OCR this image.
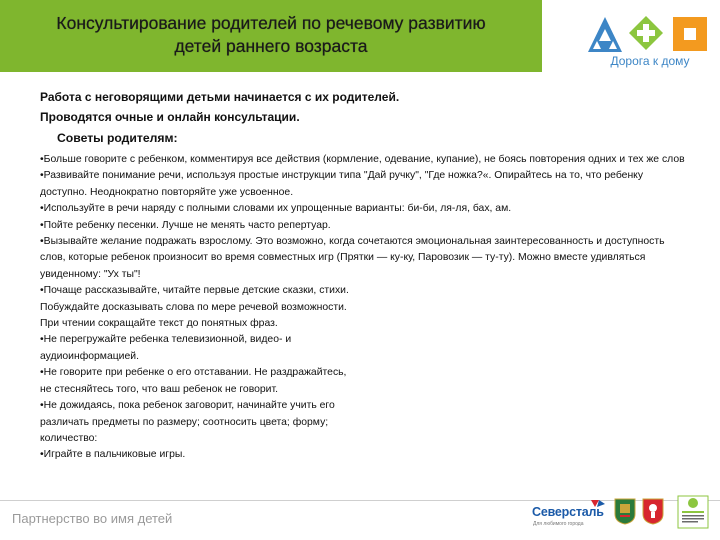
Консультирование родителей по речевому развитию
детей раннего возраста
Дорога к дому
Работа с неговорящими детьми начинается с их родителей.
Проводятся очные и онлайн консультации.
Советы родителям:

•Больше говорите с ребенком, комментируя все действия (кормление, одевание, купание), не боясь повторения одних и тех же слов

•Развивайте понимание речи, используя простые инструкции типа "Дай ручку", "Где ножка?«. Опирайтесь на то, что ребенку доступно. Неоднократно повторяйте уже усвоенное.

•Используйте в речи наряду с полными словами их упрощенные варианты: би-би, ля-ля, бах, ам.

•Пойте ребенку песенки. Лучше не менять часто репертуар.

•Вызывайте желание подражать взрослому. Это возможно, когда сочетаются эмоциональная заинтересованность и доступность слов, которые ребенок произносит во время совместных игр (Прятки — ку-ку, Паровозик — ту-ту). Можно вместе удивляться увиденному: "Ух ты"!

•Почаще рассказывайте, читайте первые детские сказки, стихи.

Побуждайте досказывать слова по мере речевой возможности.

При чтении сокращайте текст до понятных фраз.

•Не перегружайте ребенка телевизионной, видео- и

аудиоинформацией.

•Не говорите при ребенке о его отставании. Не раздражайтесь,

не стесняйтесь того, что ваш ребенок не говорит.

•Не дожидаясь, пока ребенок заговорит, начинайте учить его

различать предметы по размеру; соотносить цвета; форму;

количество:

•Играйте в пальчиковые игры.

Партнерство во имя детей	Северсталь
Для любимого города
